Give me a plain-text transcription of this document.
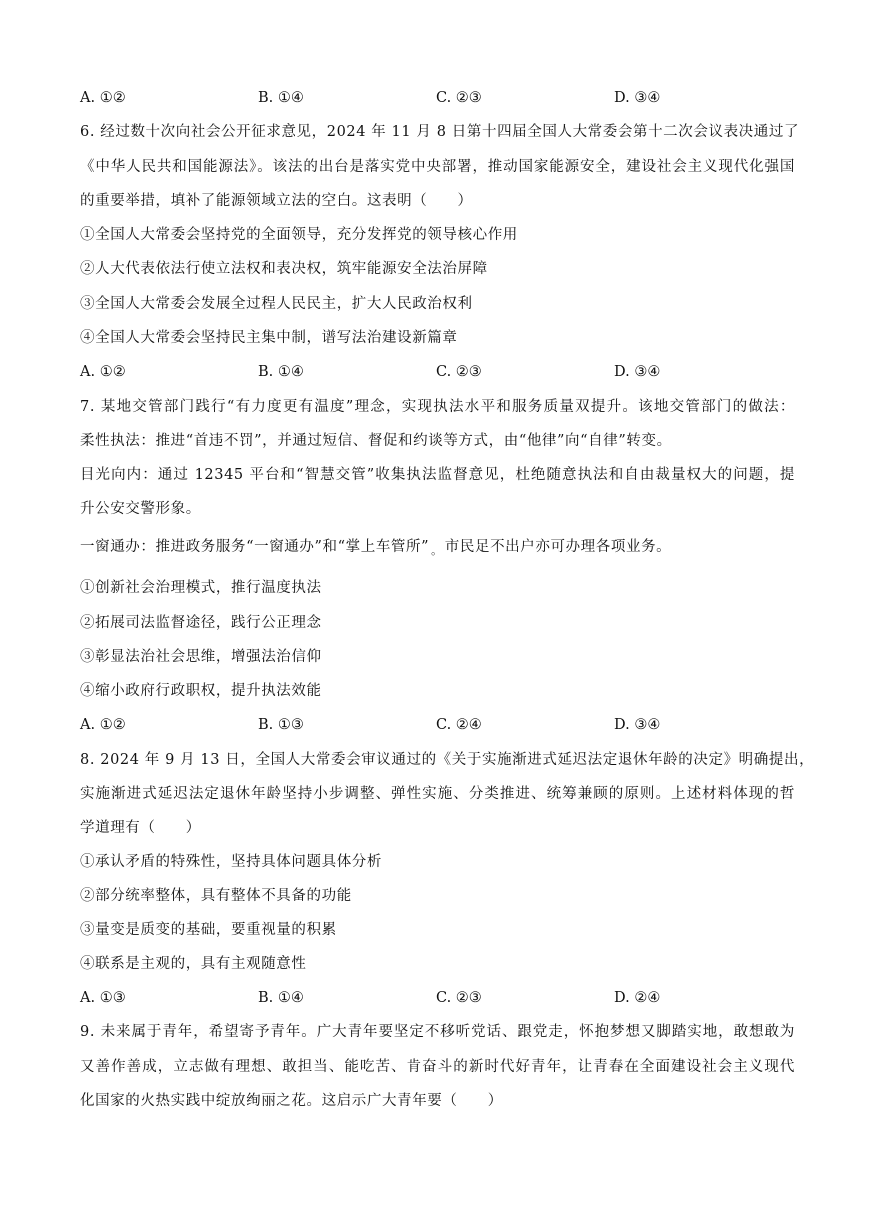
A. ①②	B. ①④	C. ②③	D. ③④
6. 经过数十次向社会公开征求意见，2024 年 11 月 8 日第十四届全国人大常委会第十二次会议表决通过了
《中华人民共和国能源法》。该法的出台是落实党中央部署，推动国家能源安全，建设社会主义现代化强国
的重要举措，填补了能源领域立法的空白。这表明（　　）
①全国人大常委会坚持党的全面领导，充分发挥党的领导核心作用
②人大代表依法行使立法权和表决权，筑牢能源安全法治屏障
③全国人大常委会发展全过程人民民主，扩大人民政治权利
④全国人大常委会坚持民主集中制，谱写法治建设新篇章
A. ①②	B. ①④	C. ②③	D. ③④
7. 某地交管部门践行“有力度更有温度”理念，实现执法水平和服务质量双提升。该地交管部门的做法：
柔性执法：推进“首违不罚”，并通过短信、督促和约谈等方式，由“他律”向“自律”转变。
目光向内：通过 12345 平台和“智慧交管”收集执法监督意见，杜绝随意执法和自由裁量权大的问题，提
升公安交警形象。
一窗通办：推进政务服务“一窗通办”和“掌上车管所” $_。$ 市民足不出户亦可办理各项业务。
①创新社会治理模式，推行温度执法
②拓展司法监督途径，践行公正理念
③彰显法治社会思维，增强法治信仰
④缩小政府行政职权，提升执法效能
A. ①②	B. ①③	C. ②④	D. ③④
8. 2024 年 9 月 13 日，全国人大常委会审议通过的《关于实施渐进式延迟法定退休年龄的决定》明确提出，
实施渐进式延迟法定退休年龄坚持小步调整、弹性实施、分类推进、统筹兼顾的原则。上述材料体现的哲
学道理有（　　）
①承认矛盾的特殊性，坚持具体问题具体分析
②部分统率整体，具有整体不具备的功能
③量变是质变的基础，要重视量的积累
④联系是主观的，具有主观随意性
A. ①③	B. ①④	C. ②③	D. ②④
9. 未来属于青年，希望寄予青年。广大青年要坚定不移听党话、跟党走，怀抱梦想又脚踏实地，敢想敢为
又善作善成，立志做有理想、敢担当、能吃苦、肯奋斗的新时代好青年，让青春在全面建设社会主义现代
化国家的火热实践中绽放绚丽之花。这启示广大青年要（　　）
